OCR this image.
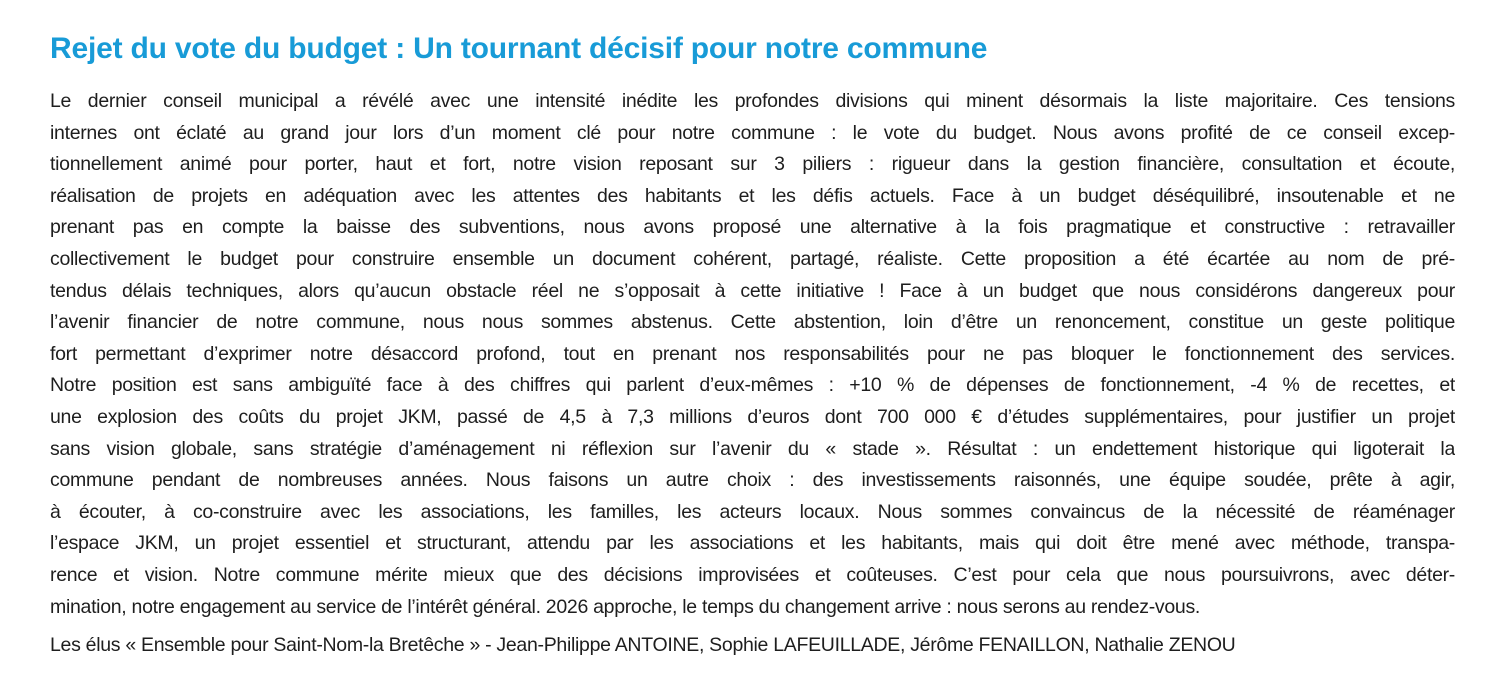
Rejet du vote du budget : Un tournant décisif pour notre commune
Le dernier conseil municipal a révélé avec une intensité inédite les profondes divisions qui minent désormais la liste majoritaire. Ces tensions
internes ont éclaté au grand jour lors d’un moment clé pour notre commune : le vote du budget. Nous avons profité de ce conseil excep-
tionnellement animé pour porter, haut et fort, notre vision reposant sur 3 piliers : rigueur dans la gestion financière, consultation et écoute,
réalisation de projets en adéquation avec les attentes des habitants et les défis actuels. Face à un budget déséquilibré, insoutenable et ne
prenant pas en compte la baisse des subventions, nous avons proposé une alternative à la fois pragmatique et constructive : retravailler
collectivement le budget pour construire ensemble un document cohérent, partagé, réaliste. Cette proposition a été écartée au nom de pré-
tendus délais techniques, alors qu’aucun obstacle réel ne s’opposait à cette initiative ! Face à un budget que nous considérons dangereux pour
l’avenir financier de notre commune, nous nous sommes abstenus. Cette abstention, loin d’être un renoncement, constitue un geste politique
fort permettant d’exprimer notre désaccord profond, tout en prenant nos responsabilités pour ne pas bloquer le fonctionnement des services.
Notre position est sans ambiguïté face à des chiffres qui parlent d’eux-mêmes : +10 % de dépenses de fonctionnement, -4 % de recettes, et
une explosion des coûts du projet JKM, passé de 4,5 à 7,3 millions d’euros dont 700 000 € d’études supplémentaires, pour justifier un projet
sans vision globale, sans stratégie d’aménagement ni réflexion sur l’avenir du « stade ». Résultat : un endettement historique qui ligoterait la
commune pendant de nombreuses années. Nous faisons un autre choix : des investissements raisonnés, une équipe soudée, prête à agir,
à écouter, à co-construire avec les associations, les familles, les acteurs locaux. Nous sommes convaincus de la nécessité de réaménager
l’espace JKM, un projet essentiel et structurant, attendu par les associations et les habitants, mais qui doit être mené avec méthode, transpa-
rence et vision. Notre commune mérite mieux que des décisions improvisées et coûteuses. C’est pour cela que nous poursuivrons, avec déter-
mination, notre engagement au service de l’intérêt général. 2026 approche, le temps du changement arrive : nous serons au rendez-vous.
Les élus « Ensemble pour Saint-Nom-la Bretêche » - Jean-Philippe ANTOINE, Sophie LAFEUILLADE, Jérôme FENAILLON, Nathalie ZENOU
